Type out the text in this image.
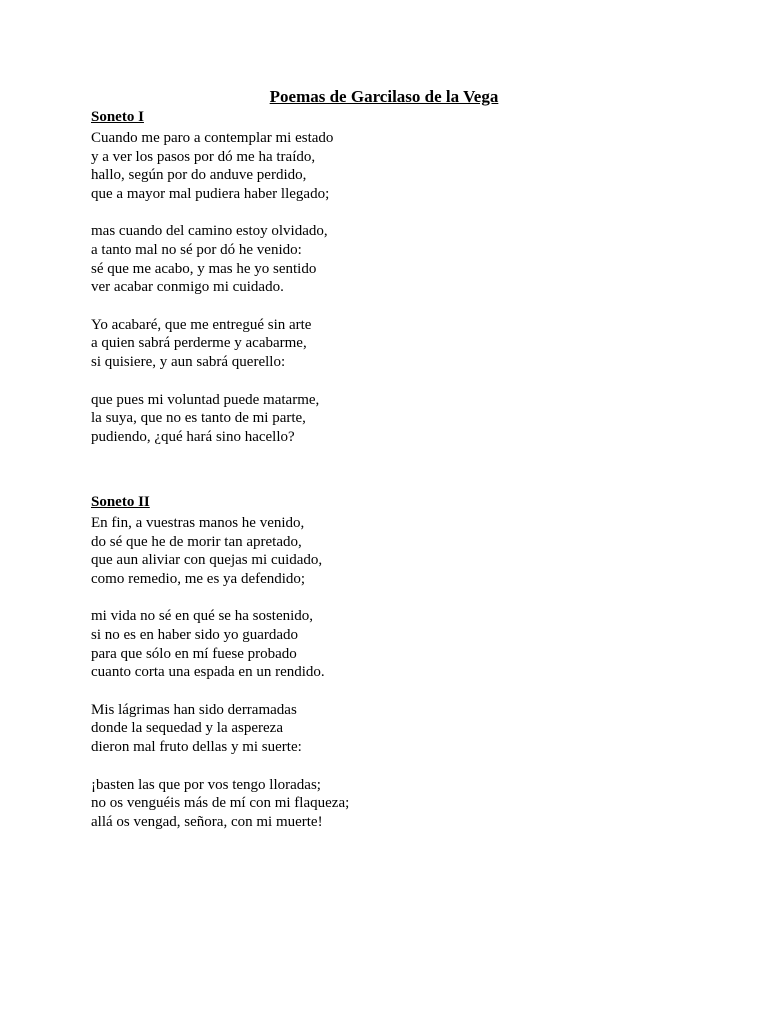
Poemas de Garcilaso de la Vega
Soneto I
Cuando me paro a contemplar mi estado
y a ver los pasos por dó me ha traído,
hallo, según por do anduve perdido,
que a mayor mal pudiera haber llegado;
mas cuando del camino estoy olvidado,
a tanto mal no sé por dó he venido:
sé que me acabo, y mas he yo sentido
ver acabar conmigo mi cuidado.
Yo acabaré, que me entregué sin arte
a quien sabrá perderme y acabarme,
si quisiere, y aun sabrá querello:
que pues mi voluntad puede matarme,
la suya, que no es tanto de mi parte,
pudiendo, ¿qué hará sino hacello?
Soneto II
En fin, a vuestras manos he venido,
do sé que he de morir tan apretado,
que aun aliviar con quejas mi cuidado,
como remedio, me es ya defendido;
mi vida no sé en qué se ha sostenido,
si no es en haber sido yo guardado
para que sólo en mí fuese probado
cuanto corta una espada en un rendido.
Mis lágrimas han sido derramadas
donde la sequedad y la aspereza
dieron mal fruto dellas y mi suerte:
¡basten las que por vos tengo lloradas;
no os venguéis más de mí con mi flaqueza;
allá os vengad, señora, con mi muerte!
